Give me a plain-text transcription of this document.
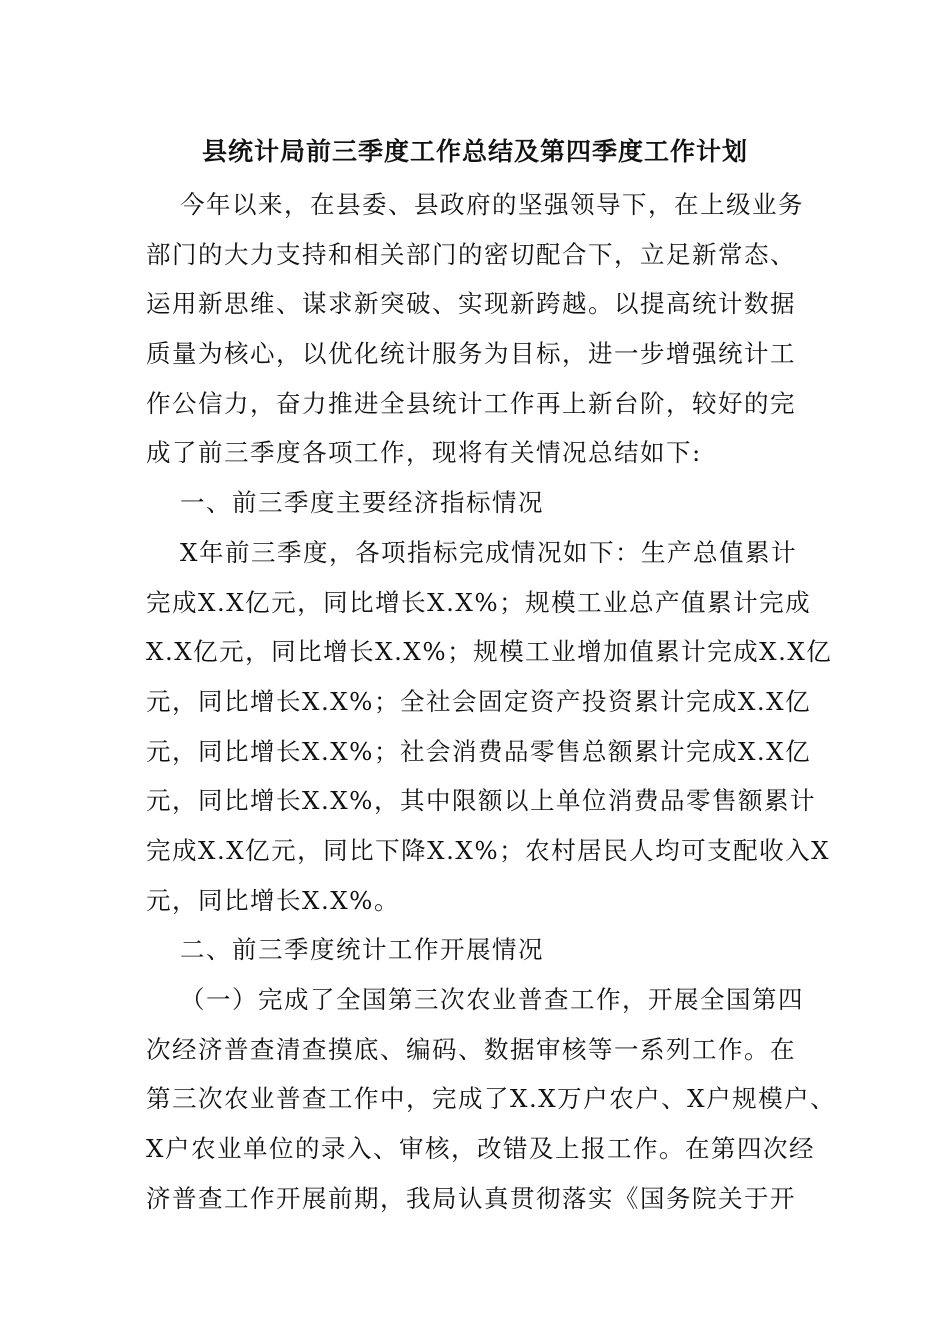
县统计局前三季度工作总结及第四季度工作计划
今年以来，在县委、县政府的坚强领导下，在上级业务
部门的大力支持和相关部门的密切配合下，立足新常态、
运用新思维、谋求新突破、实现新跨越。以提高统计数据
质量为核心，以优化统计服务为目标，进一步增强统计工
作公信力，奋力推进全县统计工作再上新台阶，较好的完
成了前三季度各项工作，现将有关情况总结如下:
一、前三季度主要经济指标情况
X年前三季度，各项指标完成情况如下：生产总值累计
完成X.X亿元，同比增长X.X%；规模工业总产值累计完成
X.X亿元，同比增长X.X%；规模工业增加值累计完成X.X亿
元，同比增长X.X%；全社会固定资产投资累计完成X.X亿
元，同比增长X.X%；社会消费品零售总额累计完成X.X亿
元，同比增长X.X%，其中限额以上单位消费品零售额累计
完成X.X亿元，同比下降X.X%；农村居民人均可支配收入X
元，同比增长X.X%。
二、前三季度统计工作开展情况
（一）完成了全国第三次农业普查工作，开展全国第四
次经济普查清查摸底、编码、数据审核等一系列工作。在
第三次农业普查工作中，完成了X.X万户农户、X户规模户、
X户农业单位的录入、审核，改错及上报工作。在第四次经
济普查工作开展前期，我局认真贯彻落实《国务院关于开
